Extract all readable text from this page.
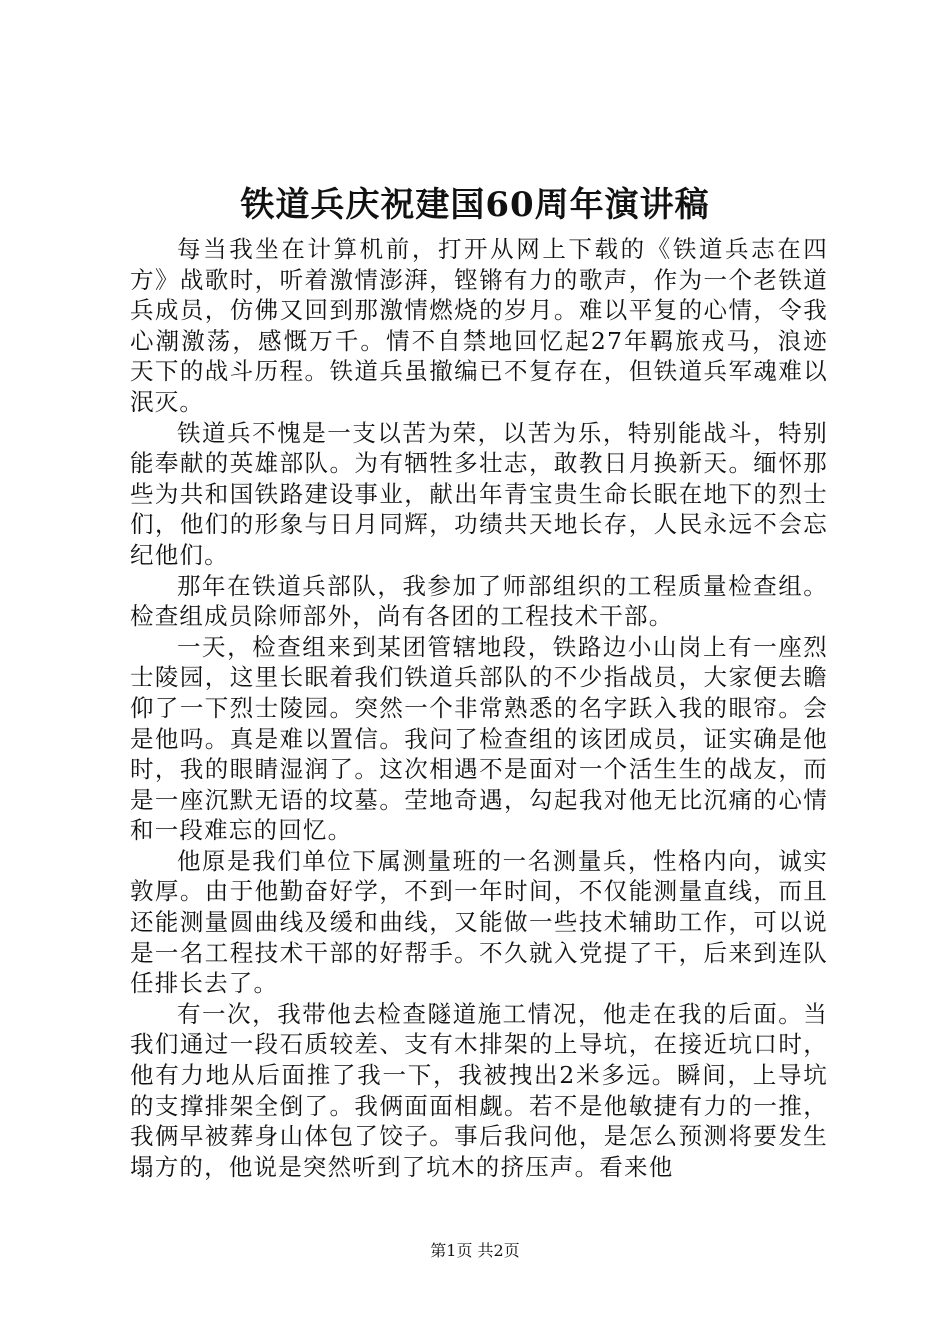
铁道兵庆祝建国60周年演讲稿

每当我坐在计算机前，打开从网上下载的《铁道兵志在四方》战歌时，听着激情澎湃，铿锵有力的歌声，作为一个老铁道兵成员，仿佛又回到那激情燃烧的岁月。难以平复的心情，令我心潮激荡，感慨万千。情不自禁地回忆起27年羁旅戎马，浪迹天下的战斗历程。铁道兵虽撤编已不复存在，但铁道兵军魂难以泯灭。

铁道兵不愧是一支以苦为荣，以苦为乐，特别能战斗，特别能奉献的英雄部队。为有牺牲多壮志，敢教日月换新天。缅怀那些为共和国铁路建设事业，献出年青宝贵生命长眠在地下的烈士们，他们的形象与日月同辉，功绩共天地长存，人民永远不会忘纪他们。

那年在铁道兵部队，我参加了师部组织的工程质量检查组。检查组成员除师部外，尚有各团的工程技术干部。

一天，检查组来到某团管辖地段，铁路边小山岗上有一座烈士陵园，这里长眠着我们铁道兵部队的不少指战员，大家便去瞻仰了一下烈士陵园。突然一个非常熟悉的名字跃入我的眼帘。会是他吗。真是难以置信。我问了检查组的该团成员，证实确是他时，我的眼睛湿润了。这次相遇不是面对一个活生生的战友，而是一座沉默无语的坟墓。茔地奇遇，勾起我对他无比沉痛的心情和一段难忘的回忆。

他原是我们单位下属测量班的一名测量兵，性格内向，诚实敦厚。由于他勤奋好学，不到一年时间，不仅能测量直线，而且还能测量圆曲线及缓和曲线，又能做一些技术辅助工作，可以说是一名工程技术干部的好帮手。不久就入党提了干，后来到连队任排长去了。

有一次，我带他去检查隧道施工情况，他走在我的后面。当我们通过一段石质较差、支有木排架的上导坑，在接近坑口时，他有力地从后面推了我一下，我被拽出2米多远。瞬间，上导坑的支撑排架全倒了。我俩面面相觑。若不是他敏捷有力的一推，我俩早被葬身山体包了饺子。事后我问他，是怎么预测将要发生塌方的，他说是突然听到了坑木的挤压声。看来他

第1页 共2页
